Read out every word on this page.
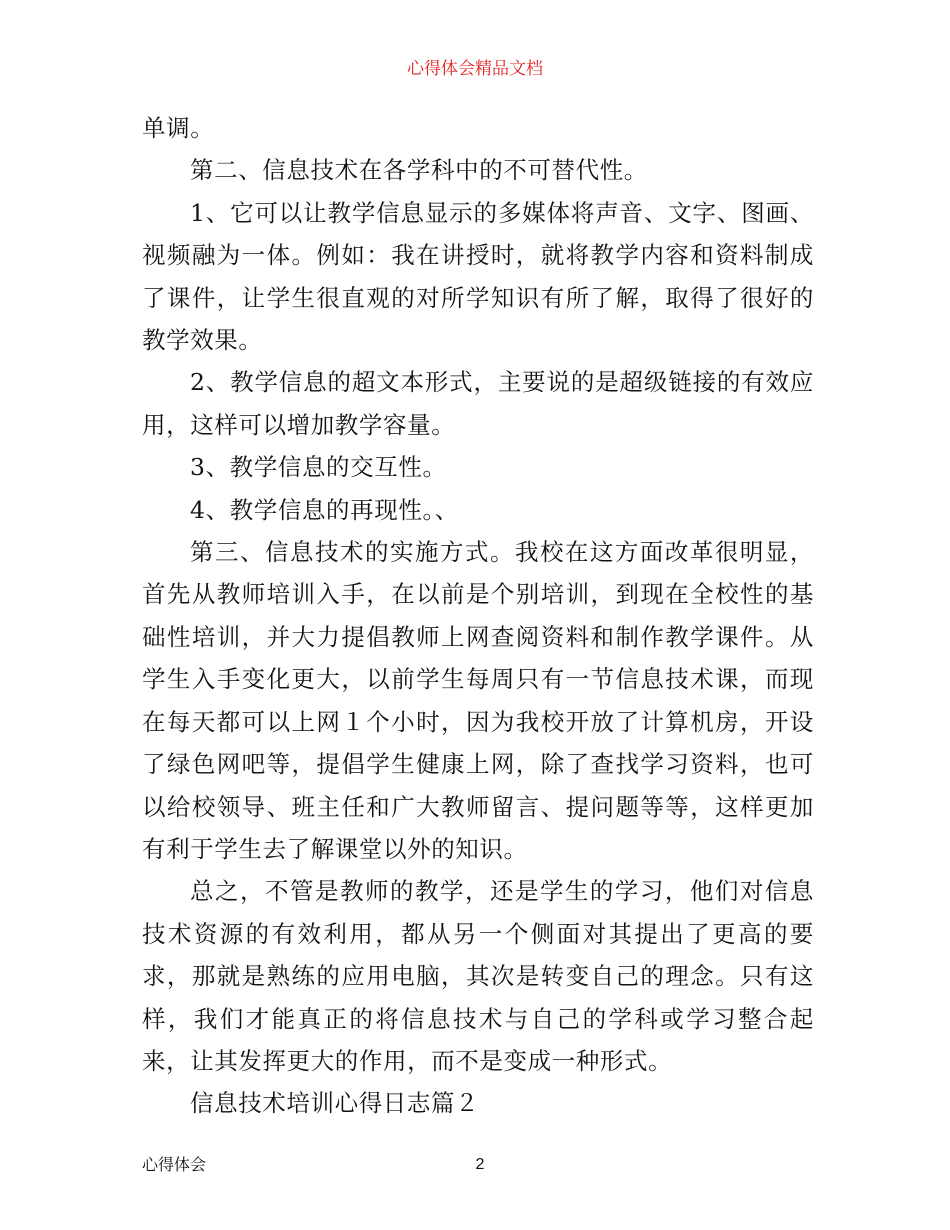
心得体会精品文档

单调。

第二、信息技术在各学科中的不可替代性。

1、它可以让教学信息显示的多媒体将声音、文字、图画、视频融为一体。例如：我在讲授时，就将教学内容和资料制成了课件，让学生很直观的对所学知识有所了解，取得了很好的教学效果。

2、教学信息的超文本形式，主要说的是超级链接的有效应用，这样可以增加教学容量。

3、教学信息的交互性。

4、教学信息的再现性。、

第三、信息技术的实施方式。我校在这方面改革很明显，首先从教师培训入手，在以前是个别培训，到现在全校性的基础性培训，并大力提倡教师上网查阅资料和制作教学课件。从学生入手变化更大，以前学生每周只有一节信息技术课，而现在每天都可以上网１个小时，因为我校开放了计算机房，开设了绿色网吧等，提倡学生健康上网，除了查找学习资料，也可以给校领导、班主任和广大教师留言、提问题等等，这样更加有利于学生去了解课堂以外的知识。

总之，不管是教师的教学，还是学生的学习，他们对信息技术资源的有效利用，都从另一个侧面对其提出了更高的要求，那就是熟练的应用电脑，其次是转变自己的理念。只有这样，我们才能真正的将信息技术与自己的学科或学习整合起来，让其发挥更大的作用，而不是变成一种形式。

信息技术培训心得日志篇２

心得体会	2
